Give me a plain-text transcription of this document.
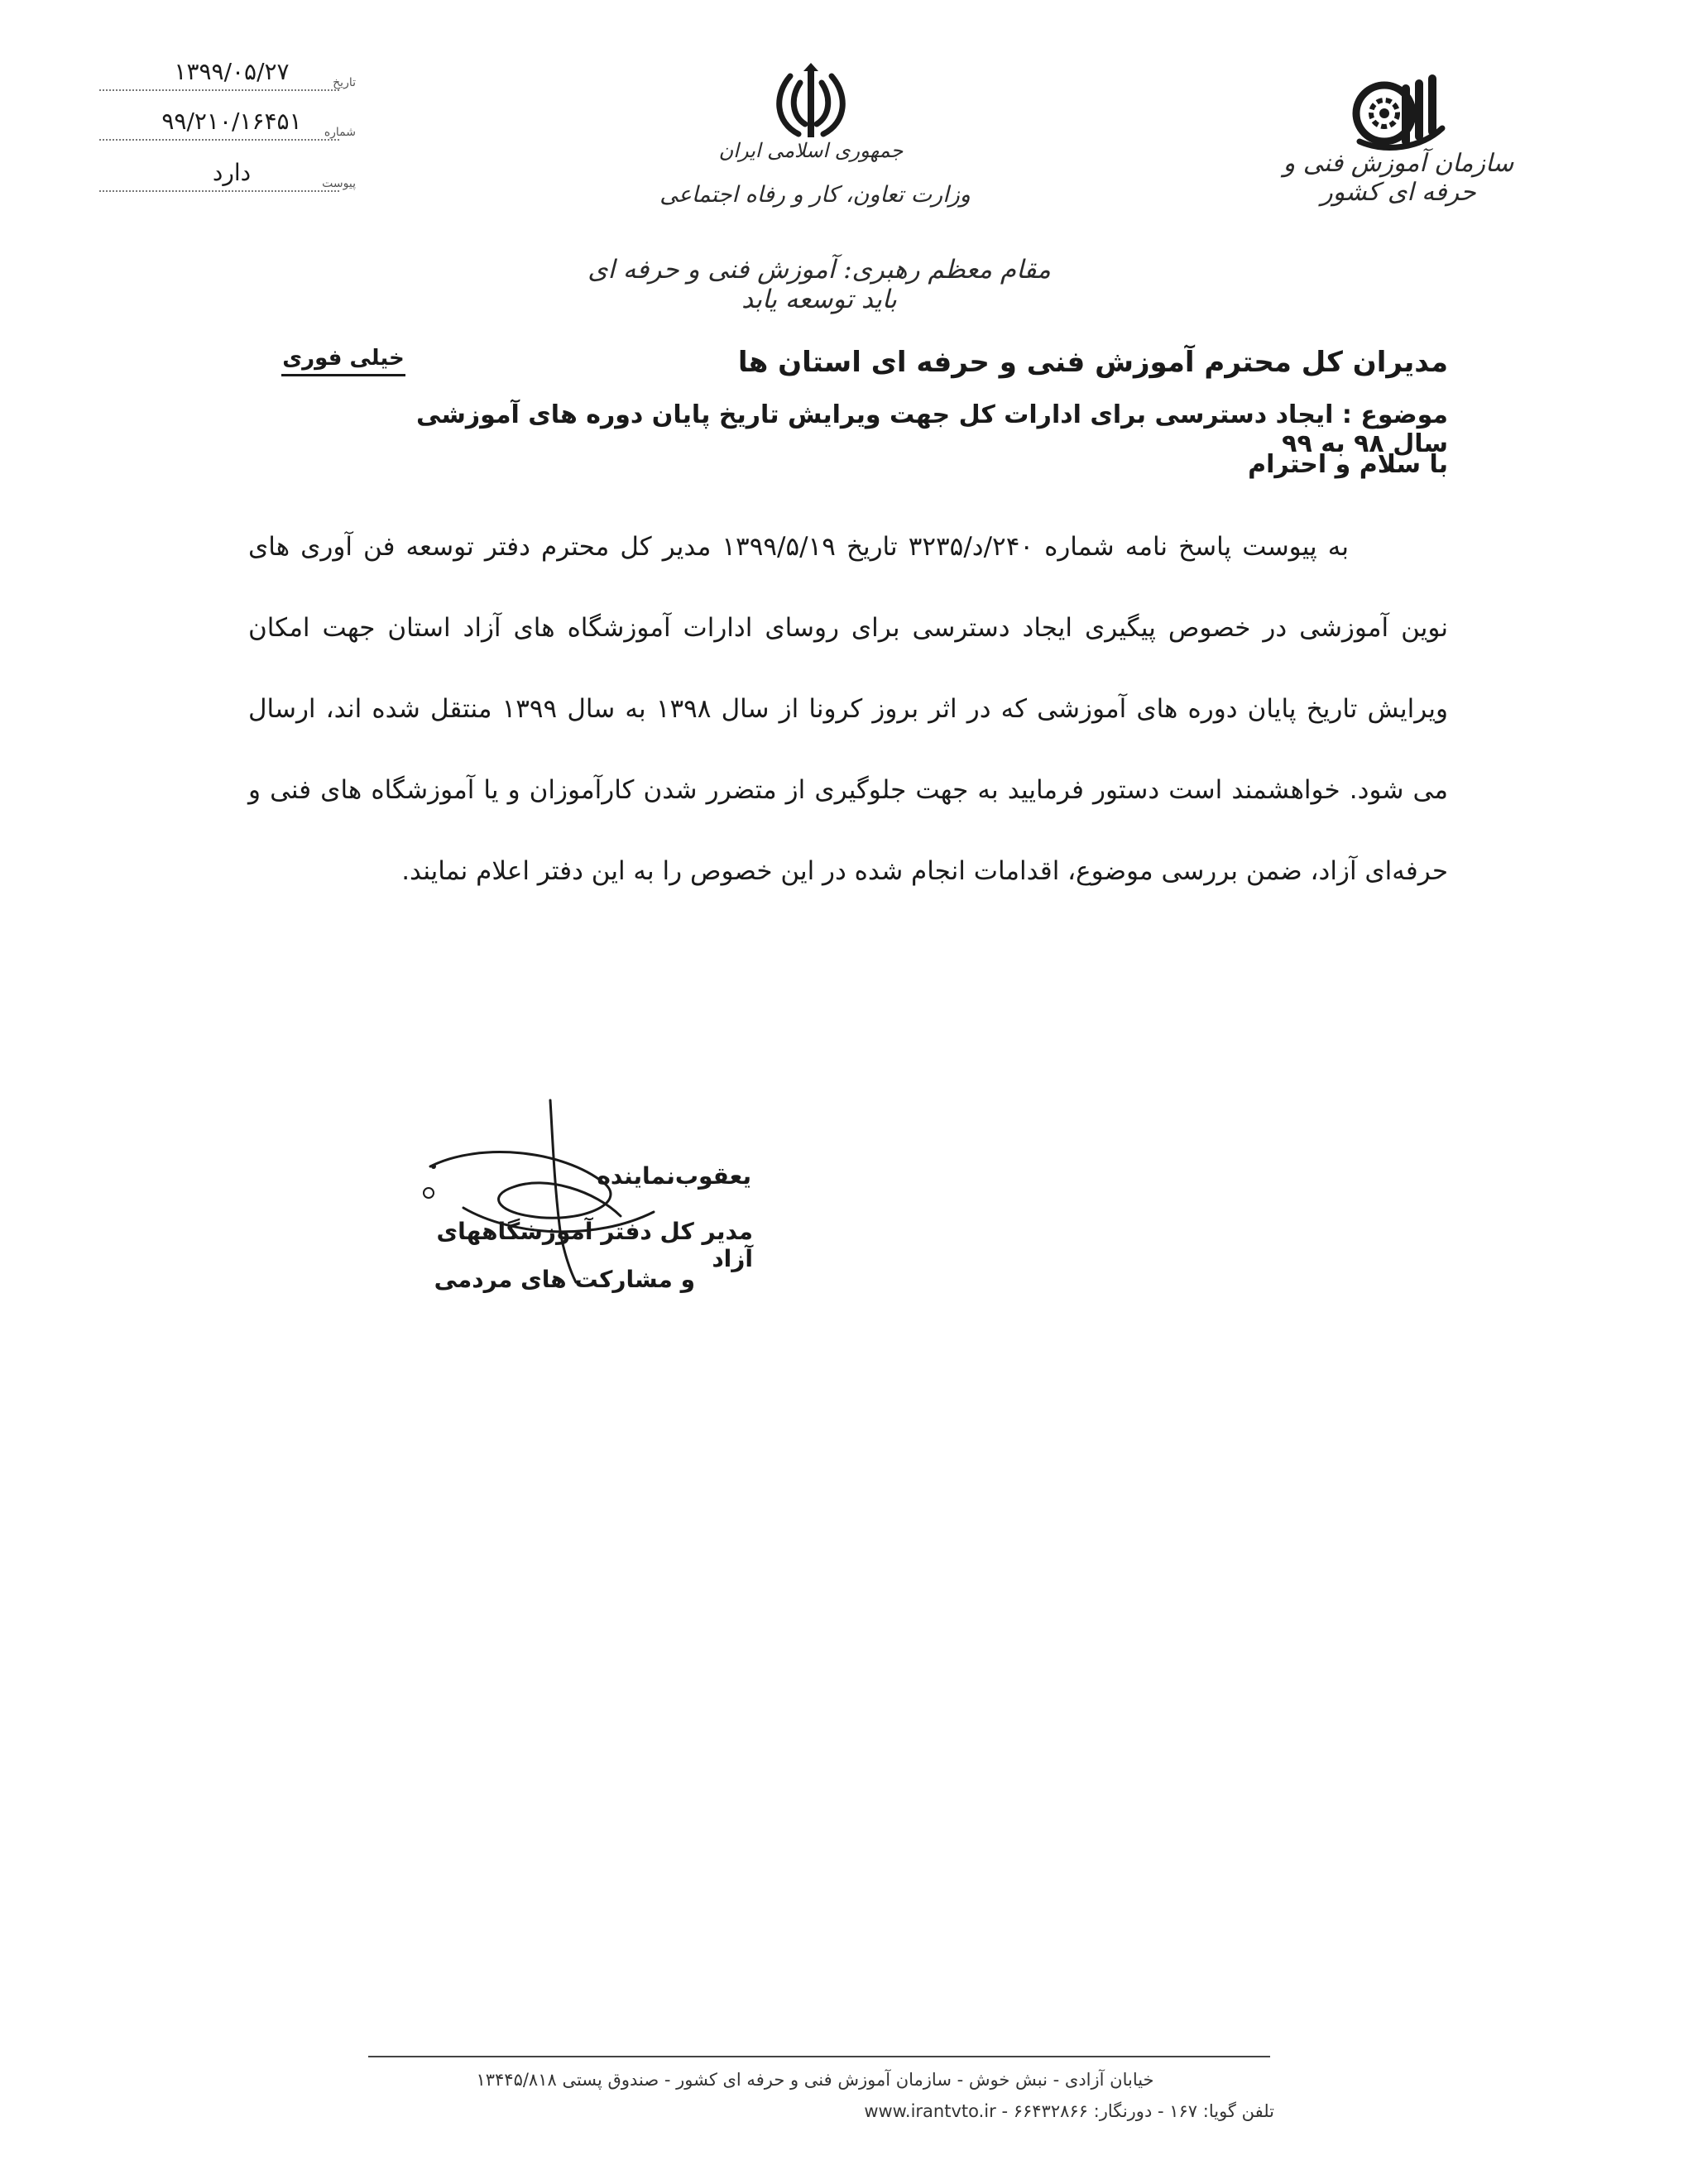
۱۳۹۹/۰۵/۲۷	تاریخ
۹۹/۲۱۰/۱۶۴۵۱	شماره
دارد	پیوست
جمهوری اسلامی ایران
وزارت تعاون، کار و رفاه اجتماعی
سازمان آموزش فنی و حرفه ای کشور
مقام معظم رهبری: آموزش فنی و حرفه ای باید توسعه یابد
خیلی فوری	مدیران کل محترم آموزش فنی و حرفه ای استان ها
موضوع : ایجاد دسترسی برای ادارات کل جهت ویرایش تاریخ پایان دوره های آموزشی سال ۹۸ به ۹۹
با سلام و احترام
به پیوست پاسخ نامه شماره ۲۴۰/د/۳۲۳۵ تاریخ ۱۳۹۹/۵/۱۹ مدیر کل محترم دفتر توسعه فن آوری های نوین آموزشی در خصوص پیگیری ایجاد دسترسی برای روسای ادارات آموزشگاه های آزاد استان جهت امکان ویرایش تاریخ پایان دوره های آموزشی که در اثر بروز کرونا از سال ۱۳۹۸ به سال ۱۳۹۹ منتقل شده اند، ارسال می شود. خواهشمند است دستور فرمایید به جهت جلوگیری از متضرر شدن کارآموزان و یا آموزشگاه های فنی و حرفه‌ای آزاد، ضمن بررسی موضوع، اقدامات انجام شده در این خصوص را به این دفتر اعلام نمایند.
یعقوب‌نماینده
مدیر کل دفتر آموزشگاههای آزاد
و مشارکت های مردمی
خیابان آزادی - نبش خوش - سازمان آموزش فنی و حرفه ای کشور - صندوق پستی ۱۳۴۴۵/۸۱۸
تلفن گویا: ۱۶۷ - دورنگار: ۶۶۴۳۲۸۶۶ - www.irantvto.ir
